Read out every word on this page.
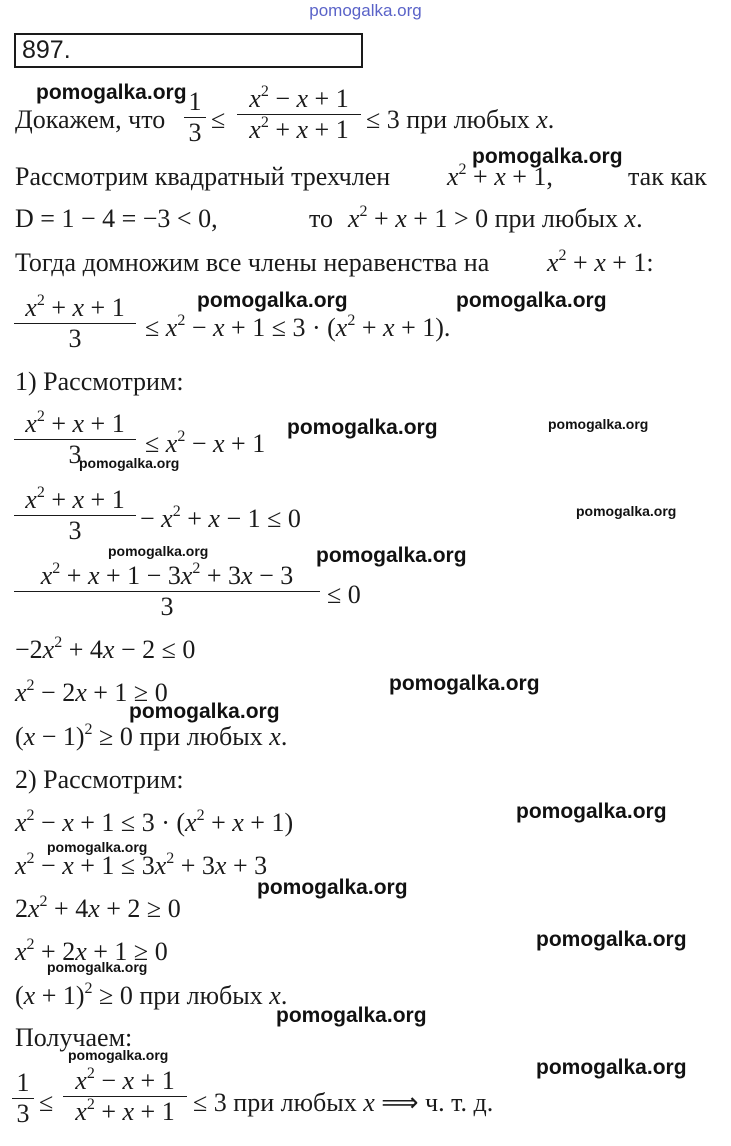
pomogalka.org
897.
Докажем, что
1
3 ≤
$x^2 - x + 1$
$x^2 + x + 1 \le 3$ при любых x.
Рассмотрим квадратный трехчлен $x^2 + x + 1$,	так как
D = 1 − 4 = −3 < 0,	то $x^2 + x + 1 > 0$ при любых x.
Тогда домножим все члены неравенства на $x^2 + x + 1$:
$x^2 + x + 1$
3	≤ $x^2 - x + 1 \le 3 \cdot (x^2 + x + 1)$.
1) Рассмотрим:
$x^2 + x + 1$
3	≤ $x^2 - x + 1$
$x^2 + x + 1$
3	− $x^2 + x - 1 \le 0$
$x^2 + x + 1 - 3x^2 + 3x - 3$
3	≤ 0
$-2x^2 + 4x - 2 \le 0$
$x^2 - 2x + 1 \ge 0$
$(x - 1)^2 \ge 0$ при любых x.
2) Рассмотрим:
$x^2 - x + 1 \le 3 \cdot (x^2 + x + 1)$
$x^2 - x + 1 \le 3x^2 + 3x + 3$
$2x^2 + 4x + 2 \ge 0$
$x^2 + 2x + 1 \ge 0$
$(x + 1)^2 \ge 0$ при любых x.
Получаем:
1
3 ≤
$x^2 - x + 1$
$x^2 + x + 1 \le 3$ при любых x ⟹ ч. т. д.
pomogalka.org
pomogalka.org
pomogalka.org	pomogalka.org
pomogalka.org	pomogalka.org
pomogalka.org
pomogalka.org
pomogalka.org	pomogalka.org
pomogalka.org
pomogalka.org
pomogalka.org
pomogalka.org
pomogalka.org
pomogalka.org
pomogalka.org
pomogalka.org
pomogalka.org
pomogalka.org
